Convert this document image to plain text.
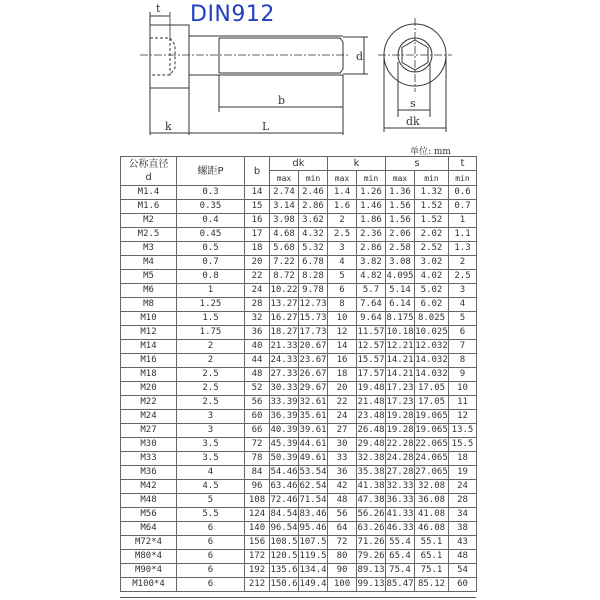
DIN912
t
d
b
k	L
s
dk
单位: mm
公称直径
d	螺距P	b	dk		k		s		t
			max	min	max	min	max	min	min
M1.4	0.3	14	2.74	2.46	1.4	1.26	1.36	1.32	0.6
M1.6	0.35	15	3.14	2.86	1.6	1.46	1.56	1.52	0.7
M2	0.4	16	3.98	3.62	2	1.86	1.56	1.52	1
M2.5	0.45	17	4.68	4.32	2.5	2.36	2.06	2.02	1.1
M3	0.5	18	5.68	5.32	3	2.86	2.58	2.52	1.3
M4	0.7	20	7.22	6.78	4	3.82	3.08	3.02	2
M5	0.8	22	8.72	8.28	5	4.82	4.095	4.02	2.5
M6	1	24	10.22	9.78	6	5.7	5.14	5.02	3
M8	1.25	28	13.27	12.73	8	7.64	6.14	6.02	4
M10	1.5	32	16.27	15.73	10	9.64	8.175	8.025	5
M12	1.75	36	18.27	17.73	12	11.57	10.18	10.025	6
M14	2	40	21.33	20.67	14	12.57	12.21	12.032	7
M16	2	44	24.33	23.67	16	15.57	14.21	14.032	8
M18	2.5	48	27.33	26.67	18	17.57	14.21	14.032	9
M20	2.5	52	30.33	29.67	20	19.48	17.23	17.05	10
M22	2.5	56	33.39	32.61	22	21.48	17.23	17.05	11
M24	3	60	36.39	35.61	24	23.48	19.28	19.065	12
M27	3	66	40.39	39.61	27	26.48	19.28	19.065	13.5
M30	3.5	72	45.39	44.61	30	29.48	22.28	22.065	15.5
M33	3.5	78	50.39	49.61	33	32.38	24.28	24.065	18
M36	4	84	54.46	53.54	36	35.38	27.28	27.065	19
M42	4.5	96	63.46	62.54	42	41.38	32.33	32.08	24
M48	5	108	72.46	71.54	48	47.38	36.33	36.08	28
M56	5.5	124	84.54	83.46	56	56.26	41.33	41.08	34
M64	6	140	96.54	95.46	64	63.26	46.33	46.08	38
M72*4	6	156	108.5	107.5	72	71.26	55.4	55.1	43
M80*4	6	172	120.5	119.5	80	79.26	65.4	65.1	48
M90*4	6	192	135.6	134.4	90	89.13	75.4	75.1	54
M100*4	6	212	150.6	149.4	100	99.13	85.47	85.12	60
